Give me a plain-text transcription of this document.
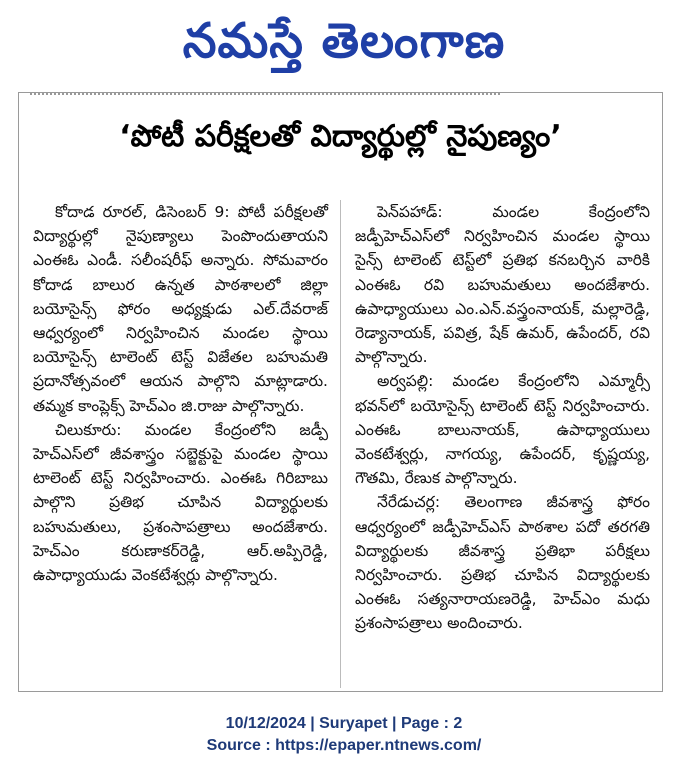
నమస్తే తెలంగాణ
‘పోటీ పరీక్షలతో విద్యార్థుల్లో నైపుణ్యం’

కోదాడ రూరల్, డిసెంబర్ 9: పోటీ పరీక్షలతో విద్యార్థుల్లో నైపుణ్యాలు పెంపొందుతాయని ఎంఈఓ ఎండీ. సలీంషరీఫ్ అన్నారు. సోమవారం కోదాడ బాలుర ఉన్నత పాఠశాలలో జిల్లా బయోసైన్స్ ఫోరం అధ్యక్షుడు ఎల్.దేవరాజ్ ఆధ్వర్యంలో నిర్వహించిన మండల స్థాయి బయోసైన్స్ టాలెంట్ టెస్ట్ విజేతల బహుమతి ప్రదానోత్సవంలో ఆయన పాల్గొని మాట్లాడారు. తమ్మక కాంప్లెక్స్ హెచ్ఎం జి.రాజు పాల్గొన్నారు.

చిలుకూరు: మండల కేంద్రంలోని జడ్పీ హెచ్ఎస్‌లో జీవశాస్త్రం సబ్జెక్టుపై మండల స్థాయి టాలెంట్ టెస్ట్ నిర్వహించారు. ఎంఈఓ గిరిబాబు పాల్గొని ప్రతిభ చూపిన విద్యార్థులకు బహుమతులు, ప్రశంసాపత్రాలు అందజేశారు. హెచ్ఎం కరుణాకర్‌రెడ్డి, ఆర్.అప్పిరెడ్డి, ఉపాధ్యాయుడు వెంకటేశ్వర్లు పాల్గొన్నారు.

పెన్‌పహాడ్: మండల కేంద్రంలోని జడ్పీహెచ్ఎస్‌లో నిర్వహించిన మండల స్థాయి సైన్స్ టాలెంట్ టెస్ట్‌లో ప్రతిభ కనబర్చిన వారికి ఎంఈఓ రవి బహుమతులు అందజేశారు. ఉపాధ్యాయులు ఎం.ఎన్.వస్త్రంనాయక్, మల్లారెడ్డి, రెడ్యానాయక్, పవిత్ర, షేక్ ఉమర్, ఉపేందర్, రవి పాల్గొన్నారు.

అర్వపల్లి: మండల కేంద్రంలోని ఎమ్మార్సీ భవన్‌లో బయోసైన్స్ టాలెంట్ టెస్ట్ నిర్వహించారు. ఎంఈఓ బాలునాయక్, ఉపాధ్యాయులు వెంకటేశ్వర్లు, నాగయ్య, ఉపేందర్, కృష్ణయ్య, గౌతమి, రేణుక పాల్గొన్నారు.

నేరేడుచర్ల: తెలంగాణ జీవశాస్త్ర ఫోరం ఆధ్వర్యంలో జడ్పీహెచ్ఎస్ పాఠశాల పదో తరగతి విద్యార్థులకు జీవశాస్త్ర ప్రతిభా పరీక్షలు నిర్వహించారు. ప్రతిభ చూపిన విద్యార్థులకు ఎంఈఓ సత్యనారాయణరెడ్డి, హెచ్ఎం మధు ప్రశంసాపత్రాలు అందించారు.

10/12/2024 | Suryapet | Page : 2
Source : https://epaper.ntnews.com/
